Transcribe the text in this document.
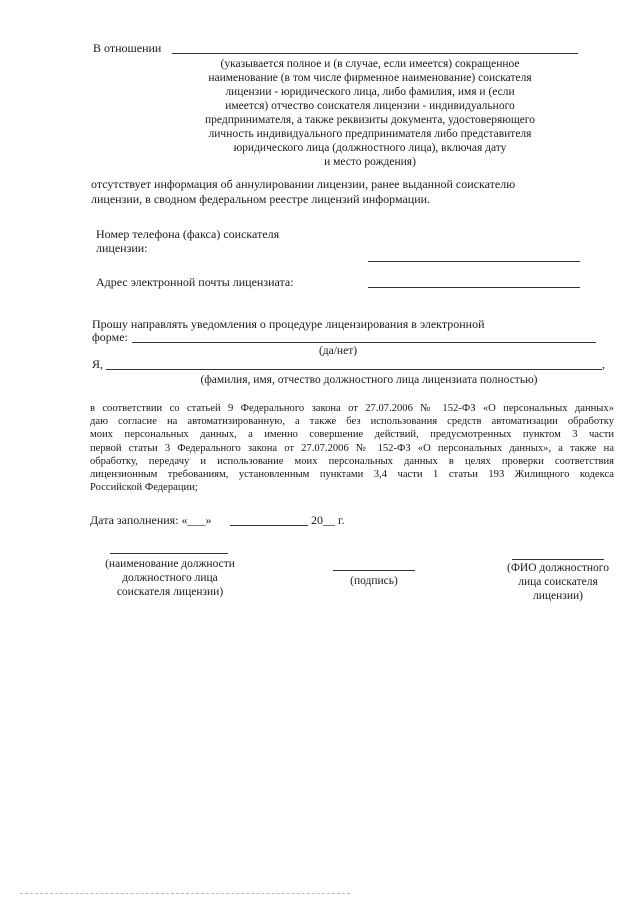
В отношении
(указывается полное и (в случае, если имеется) сокращенное
наименование (в том числе фирменное наименование) соискателя
лицензии - юридического лица, либо фамилия, имя и (если
имеется) отчество соискателя лицензии - индивидуального
предпринимателя, а также реквизиты документа, удостоверяющего
личность индивидуального предпринимателя либо представителя
юридического лица (должностного лица), включая дату
и место рождения)
отсутствует информация об аннулировании лицензии, ранее выданной соискателю
лицензии, в сводном федеральном реестре лицензий информации.
Номер телефона (факса) соискателя
лицензии:
Адрес электронной почты лицензиата:
Прошу направлять уведомления о процедуре лицензирования в электронной
форме:
(да/нет)
Я,	,
(фамилия, имя, отчество должностного лица лицензиата полностью)
в соответствии со статьей 9 Федерального закона от 27.07.2006 № 152-ФЗ «О персональных данных»
даю согласие на автоматизированную, а также без использования средств автоматизации обработку
моих персональных данных, а именно совершение действий, предусмотренных пунктом 3 части
первой статьи 3 Федерального закона от 27.07.2006 № 152-ФЗ «О персональных данных», а также на
обработку, передачу и использование моих персональных данных в целях проверки соответствия
лицензионным требованиям, установленным пунктами 3,4 части 1 статьи 193 Жилищного кодекса
Российской Федерации;
Дата заполнения: «___»	20__ г.
(наименование должности
должностного лица
соискателя лицензии)
(подпись)
(ФИО должностного
лица соискателя
лицензии)
